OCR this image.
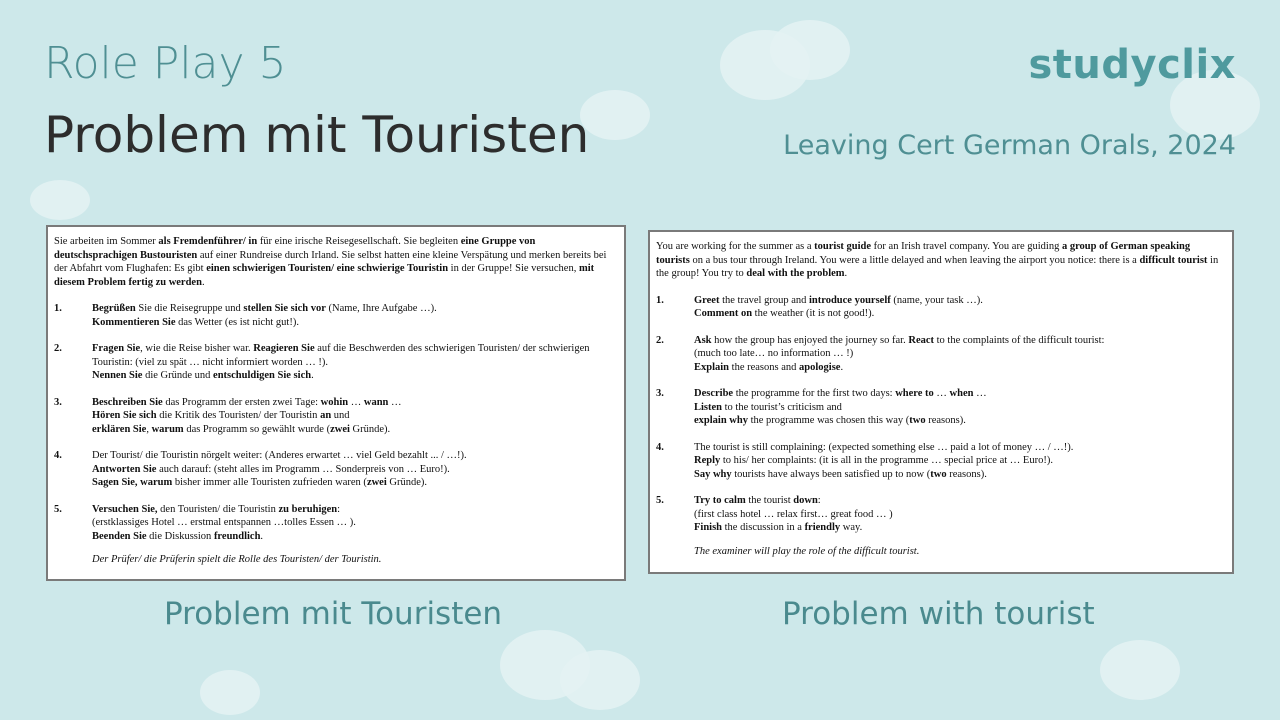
Role Play 5
Problem mit Touristen
studyclix
Leaving Cert German Orals, 2024

Sie arbeiten im Sommer als Fremdenführer/ in für eine irische Reisegesellschaft. Sie begleiten eine Gruppe von deutschsprachigen Bustouristen auf einer Rundreise durch Irland. Sie selbst hatten eine kleine Verspätung und merken bereits bei der Abfahrt vom Flughafen: Es gibt einen schwierigen Touristen/ eine schwierige Touristin in der Gruppe! Sie versuchen, mit diesem Problem fertig zu werden.

1.	Begrüßen Sie die Reisegruppe und stellen Sie sich vor (Name, Ihre Aufgabe …).
Kommentieren Sie das Wetter (es ist nicht gut!).
2.	Fragen Sie, wie die Reise bisher war. Reagieren Sie auf die Beschwerden des schwierigen Touristen/ der schwierigen Touristin: (viel zu spät … nicht informiert worden … !).
Nennen Sie die Gründe und entschuldigen Sie sich.
3.	Beschreiben Sie das Programm der ersten zwei Tage: wohin … wann …
Hören Sie sich die Kritik des Touristen/ der Touristin an und
erklären Sie, warum das Programm so gewählt wurde (zwei Gründe).
4.	Der Tourist/ die Touristin nörgelt weiter: (Anderes erwartet … viel Geld bezahlt ... / …!).
Antworten Sie auch darauf: (steht alles im Programm … Sonderpreis von … Euro!).
Sagen Sie, warum bisher immer alle Touristen zufrieden waren (zwei Gründe).
5.	Versuchen Sie, den Touristen/ die Touristin zu beruhigen:
(erstklassiges Hotel … erstmal entspannen …tolles Essen … ).
Beenden Sie die Diskussion freundlich.
Der Prüfer/ die Prüferin spielt die Rolle des Touristen/ der Touristin.

You are working for the summer as a tourist guide for an Irish travel company. You are guiding a group of German speaking tourists on a bus tour through Ireland. You were a little delayed and when leaving the airport you notice: there is a difficult tourist in the group! You try to deal with the problem.

1.	Greet the travel group and introduce yourself (name, your task …).
Comment on the weather (it is not good!).
2.	Ask how the group has enjoyed the journey so far. React to the complaints of the difficult tourist:
(much too late… no information … !)
Explain the reasons and apologise.
3.	Describe the programme for the first two days: where to … when …
Listen to the tourist’s criticism and
explain why the programme was chosen this way (two reasons).
4.	The tourist is still complaining: (expected something else … paid a lot of money … / …!).
Reply to his/ her complaints: (it is all in the programme … special price at … Euro!).
Say why tourists have always been satisfied up to now (two reasons).
5.	Try to calm the tourist down:
(first class hotel … relax first… great food … )
Finish the discussion in a friendly way.
The examiner will play the role of the difficult tourist.
Problem mit Touristen	Problem with tourist
